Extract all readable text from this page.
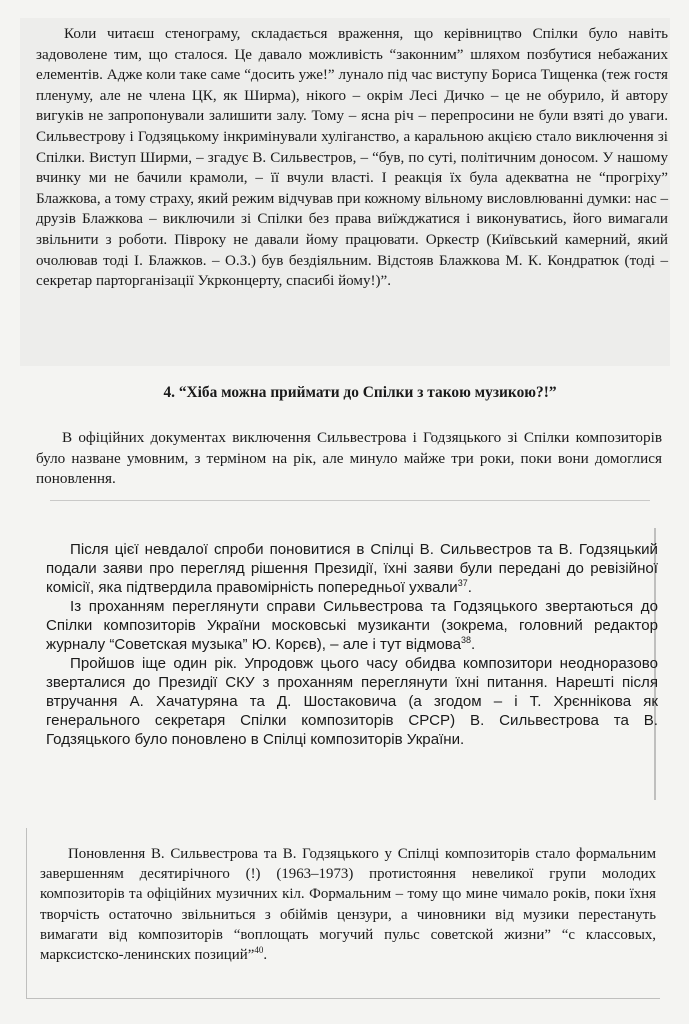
Коли читаєш стенограму, складається враження, що керівництво Спілки було навіть задоволене тим, що сталося. Це давало можливість “законним” шляхом позбутися небажаних елементів. Адже коли таке саме “досить уже!” лунало під час виступу Бориса Тищенка (теж гостя пленуму, але не члена ЦК, як Ширма), нікого – окрім Лесі Дичко – це не обурило, й автору вигуків не запропонували залишити залу. Тому – ясна річ – перепросини не були взяті до уваги. Сильвестрову і Годзяцькому інкримінували хуліганство, а каральною акцією стало виключення зі Спілки. Виступ Ширми, – згадує В. Сильвестров, – “був, по суті, політичним доносом. У нашому вчинку ми не бачили крамоли, – її вчули власті. І реакція їх була адекватна не “прогріху” Блажкова, а тому страху, який режим відчував при кожному вільному висловлюванні думки: нас – друзів Блажкова – виключили зі Спілки без права виїжджатися і виконуватись, його вимагали звільнити з роботи. Півроку не давали йому працювати. Оркестр (Київський камерний, який очолював тоді І. Блажков. – О.З.) був бездіяльним. Відстояв Блажкова М. К. Кондратюк (тоді – секретар парторганізації Укрконцерту, спасибі йому!)”.

4. “Хіба можна приймати до Спілки з такою музикою?!”

В офіційних документах виключення Сильвестрова і Годзяцького зі Спілки композиторів було назване умовним, з терміном на рік, але минуло майже три роки, поки вони домоглися поновлення.

Після цієї невдалої спроби поновитися в Спілці В. Сильвестров та В. Годзяцький подали заяви про перегляд рішення Президії, їхні заяви були передані до ревізійної комісії, яка підтвердила правомірність попередньої ухвали$^{37}$.

Із проханням переглянути справи Сильвестрова та Годзяцького звертаються до Спілки композиторів України московські музиканти (зокрема, головний редактор журналу “Советская музыка” Ю. Корєв), – але і тут відмова$^{38}$.

Пройшов іще один рік. Упродовж цього часу обидва композитори неодноразово зверталися до Президії СКУ з проханням переглянути їхні питання. Нарешті після втручання А. Хачатуряна та Д. Шостаковича (а згодом – і Т. Хрєннікова як генерального секретаря Спілки композиторів СРСР) В. Сильвестрова та В. Годзяцького було поновлено в Спілці композиторів України.

Поновлення В. Сильвестрова та В. Годзяцького у Спілці композиторів стало формальним завершенням десятирічного (!) (1963–1973) протистояння невеликої групи молодих композиторів та офіційних музичних кіл. Формальним – тому що мине чимало років, поки їхня творчість остаточно звільниться з обіймів цензури, а чиновники від музики перестануть вимагати від композиторів “воплощать могучий пульс советской жизни” “с классовых, марксистско-ленинских позиций”$^{40}$.
